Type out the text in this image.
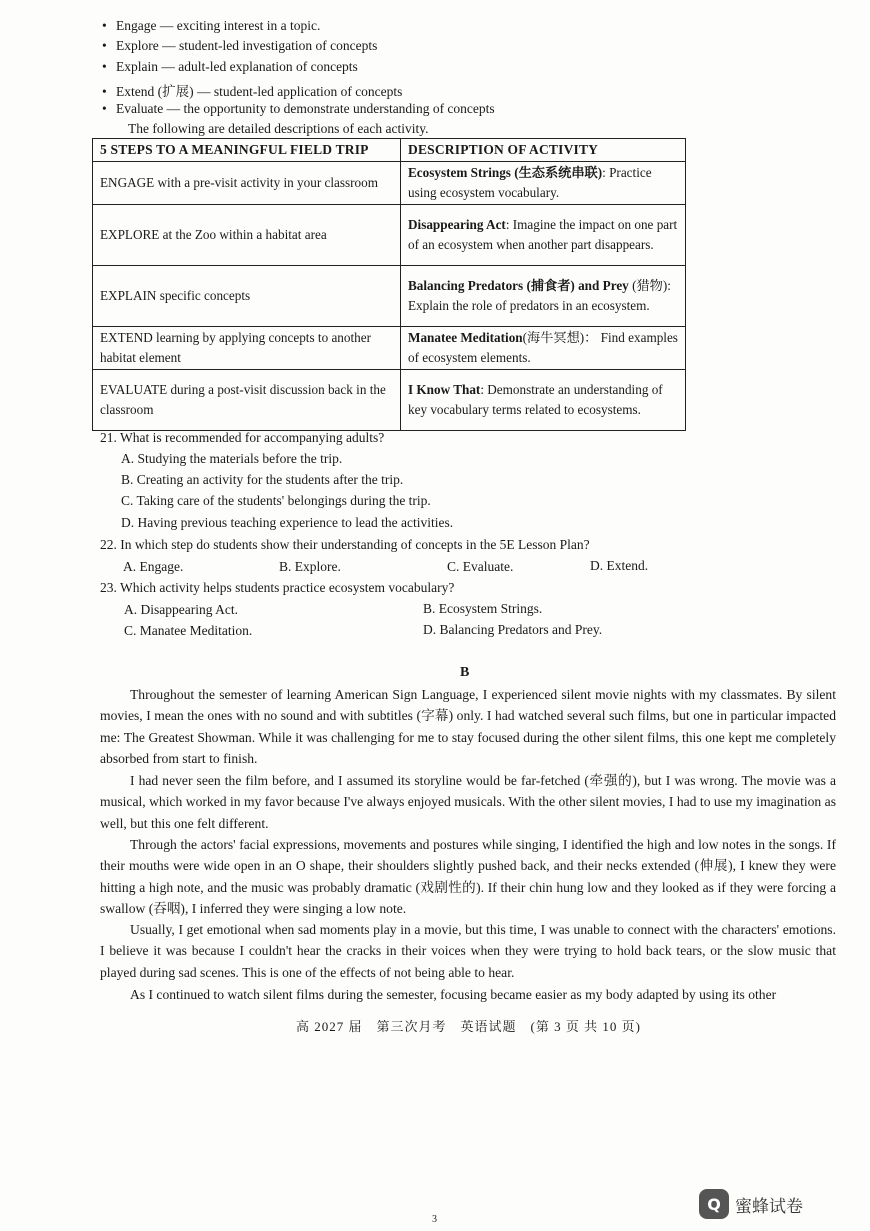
• Engage — exciting interest in a topic.
• Explore — student-led investigation of concepts
• Explain — adult-led explanation of concepts
• Extend (扩展) — student-led application of concepts
• Evaluate — the opportunity to demonstrate understanding of concepts
The following are detailed descriptions of each activity.
5 STEPS TO A MEANINGFUL FIELD TRIP	DESCRIPTION OF ACTIVITY
ENGAGE with a pre-visit activity in your classroom	Ecosystem Strings (生态系统串联): Practice using ecosystem vocabulary.
EXPLORE at the Zoo within a habitat area	Disappearing Act: Imagine the impact on one part of an ecosystem when another part disappears.
EXPLAIN specific concepts	Balancing Predators (捕食者) and Prey (猎物): Explain the role of predators in an ecosystem.
EXTEND learning by applying concepts to another habitat element	Manatee Meditation(海牛冥想)： Find examples of ecosystem elements.
EVALUATE during a post-visit discussion back in the classroom	I Know That: Demonstrate an understanding of key vocabulary terms related to ecosystems.
21. What is recommended for accompanying adults?
A. Studying the materials before the trip.
B. Creating an activity for the students after the trip.
C. Taking care of the students' belongings during the trip.
D. Having previous teaching experience to lead the activities.
22. In which step do students show their understanding of concepts in the 5E Lesson Plan?
A. Engage.	B. Explore.	C. Evaluate.	D. Extend.
23. Which activity helps students practice ecosystem vocabulary?
A. Disappearing Act.	B. Ecosystem Strings.
C. Manatee Meditation.	D. Balancing Predators and Prey.
B

Throughout the semester of learning American Sign Language, I experienced silent movie nights with my classmates. By silent movies, I mean the ones with no sound and with subtitles (字幕) only. I had watched several such films, but one in particular impacted me: The Greatest Showman. While it was challenging for me to stay focused during the other silent films, this one kept me completely absorbed from start to finish.

I had never seen the film before, and I assumed its storyline would be far-fetched (牵强的), but I was wrong. The movie was a musical, which worked in my favor because I've always enjoyed musicals. With the other silent movies, I had to use my imagination as well, but this one felt different.

Through the actors' facial expressions, movements and postures while singing, I identified the high and low notes in the songs. If their mouths were wide open in an O shape, their shoulders slightly pushed back, and their necks extended (伸展), I knew they were hitting a high note, and the music was probably dramatic (戏剧性的). If their chin hung low and they looked as if they were forcing a swallow (吞咽), I inferred they were singing a low note.

Usually, I get emotional when sad moments play in a movie, but this time, I was unable to connect with the characters' emotions. I believe it was because I couldn't hear the cracks in their voices when they were trying to hold back tears, or the slow music that played during sad scenes. This is one of the effects of not being able to hear.

As I continued to watch silent films during the semester, focusing became easier as my body adapted by using its other

高 2027 届　第三次月考　英语试题　(第 3 页 共 10 页)
Q 蜜蜂试卷
3
